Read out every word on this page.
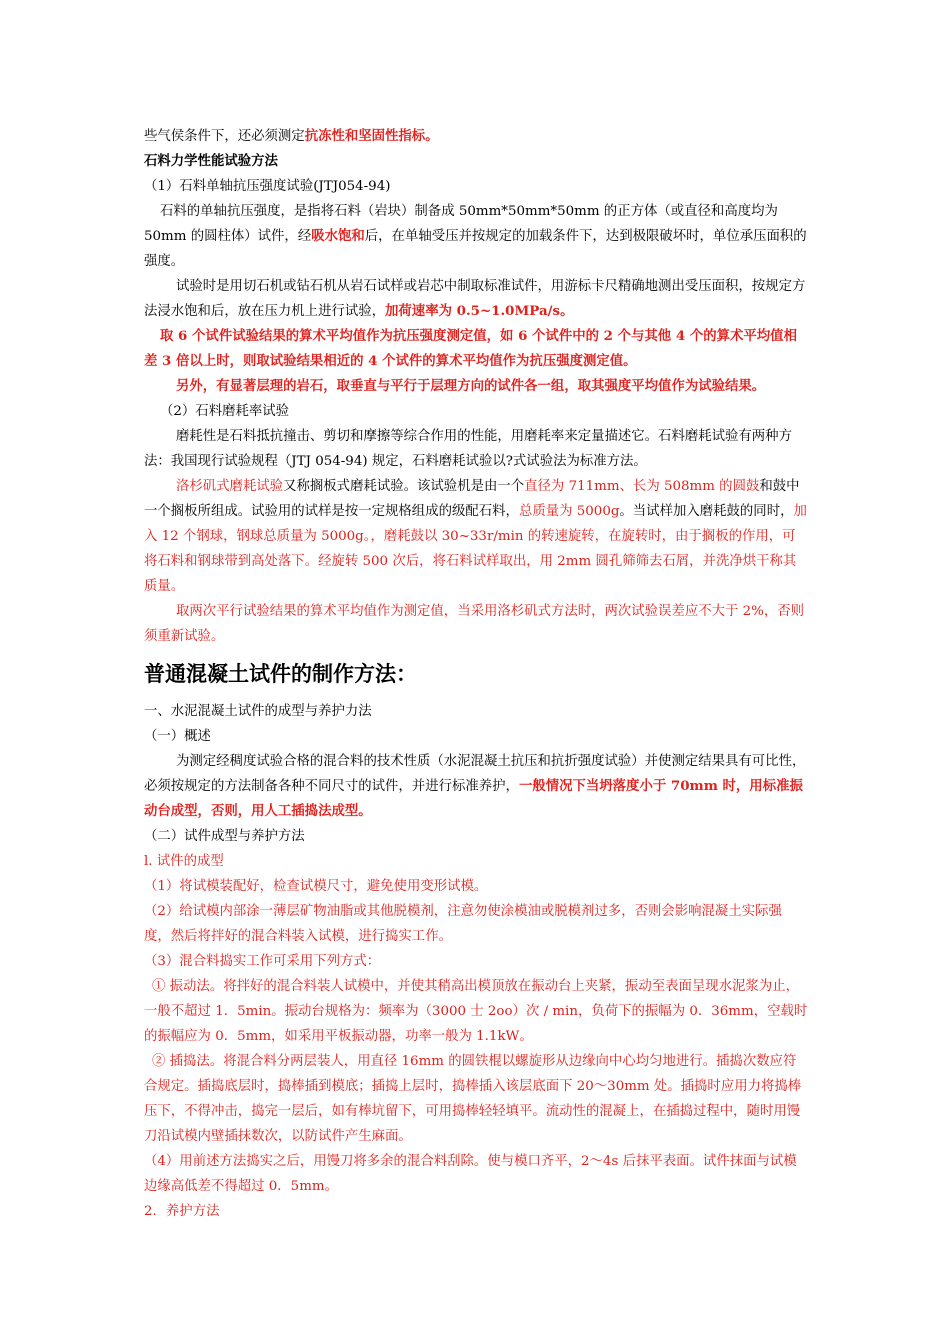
些气侯条件下，还必须测定抗冻性和坚固性指标。

石料力学性能试验方法

（1）石料单轴抗压强度试验(JTJ054-94)

石料的单轴抗压强度，是指将石料（岩块）制备成 50mm*50mm*50mm 的正方体（或直径和高度均为 50mm 的圆柱体）试件，经吸水饱和后，在单轴受压并按规定的加载条件下，达到极限破坏时，单位承压面积的强度。

试验时是用切石机或钻石机从岩石试样或岩芯中制取标准试件，用游标卡尺精确地测出受压面积，按规定方法浸水饱和后，放在压力机上进行试验，加荷速率为 0.5~1.0MPa/s。

取 6 个试件试验结果的算术平均值作为抗压强度测定值，如 6 个试件中的 2 个与其他 4 个的算术平均值相差 3 倍以上时，则取试验结果相近的 4 个试件的算术平均值作为抗压强度测定值。

另外，有显著层理的岩石，取垂直与平行于层理方向的试件各一组，取其强度平均值作为试验结果。

（2）石料磨耗率试验

磨耗性是石料抵抗撞击、剪切和摩擦等综合作用的性能，用磨耗率来定量描述它。石料磨耗试验有两种方法：我国现行试验规程（JTJ 054-94) 规定，石料磨耗试验以?式试验法为标准方法。

洛杉矶式磨耗试验又称搁板式磨耗试验。该试验机是由一个直径为 711mm、长为 508mm 的圆鼓和鼓中一个搁板所组成。试验用的试样是按一定规格组成的级配石料，总质量为 5000g。当试样加入磨耗鼓的同时，加入 12 个钢球，钢球总质量为 5000g。，磨耗鼓以 30~33r/min 的转速旋转，在旋转时，由于搁板的作用，可将石料和钢球带到高处落下。经旋转 500 次后，将石料试样取出，用 2mm 圆孔筛筛去石屑，并洗净烘干称其质量。

取两次平行试验结果的算术平均值作为测定值，当采用洛杉矶式方法时，两次试验误差应不大于 2%，否则须重新试验。

普通混凝土试件的制作方法：

一、水泥混凝土试件的成型与养护力法

（一）概述

为测定经稠度试验合格的混合料的技术性质（水泥混凝土抗压和抗折强度试验）并使测定结果具有可比性，必须按规定的方法制备各种不同尺寸的试件，并进行标准养护，一般情况下当坍落度小于 70mm 时，用标准振动台成型，否则，用人工插捣法成型。

（二）试件成型与养护方法

l. 试件的成型

（1）将试模装配好，检查试模尺寸，避免使用变形试模。

（2）给试模内部涂一薄层矿物油脂或其他脱模剂，注意勿使涂模油或脱模剂过多，否则会影响混凝土实际强度，然后将拌好的混合料装入试模，进行捣实工作。

（3）混合料捣实工作可采用下列方式：

① 振动法。将拌好的混合料装人试模中，并使其稍高出模顶放在振动台上夹紧，振动至表面呈现水泥浆为止，一般不超过 1．5min。振动台规格为：频率为（3000 士 2oo）次 / min，负荷下的振幅为 0．36mm，空载时的振幅应为 0．5mm，如采用平板振动器，功率一般为 1.1kW。

② 插捣法。将混合料分两层装人，用直径 16mm 的圆铁棍以螺旋形从边缘向中心均匀地进行。插捣次数应符合规定。插捣底层时，捣棒插到模底；插捣上层时，捣棒插入该层底面下 20～30mm 处。插捣时应用力将捣棒压下，不得冲击，捣完一层后，如有棒坑留下，可用捣棒轻轻填平。流动性的混凝上，在插捣过程中，随时用馒刀沿试模内壁插抹数次，以防试件产生麻面。

（4）用前述方法捣实之后，用馒刀将多余的混合料刮除。使与模口齐平，2～4s 后抹平表面。试件抹面与试模边缘高低差不得超过 0．5mm。

2．养护方法
